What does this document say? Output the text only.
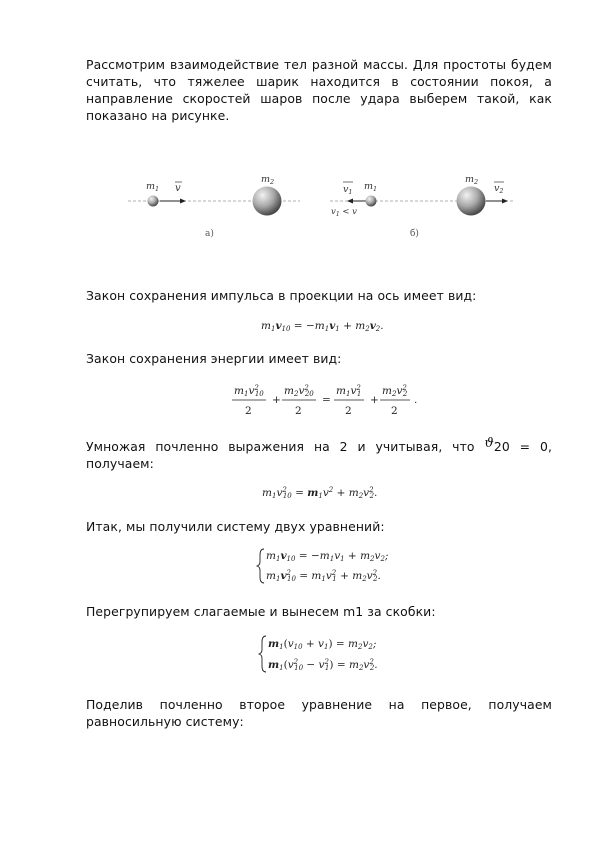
Рассмотрим взаимодействие тел разной массы. Для простоты будем считать, что тяжелее шарик находится в состоянии покоя, а направление скоростей шаров после удара выберем такой, как показано на рисунке.
$m_1$ v
$m_2$
а)
$v_1$ $m_1$
$v_1 < v$
$m_2$
$v_2$
б)
Закон сохранения импульса в проекции на ось имеет вид:
m1v10 = −m1v1 + m2v2.
Закон сохранения энергии имеет вид:
$m1v^2$ 10
2
+
$m2v^2$ 20
2
=
$m1v^2$ 1
2
+
$m2v^2$ 2
2
.
Умножая почленно выражения на 2 и учитывая, что ϑ20 = 0,
получаем:
$m1v^2$ $10 = m1v^2 + m2v^2$ 2.
Итак, мы получили систему двух уравнений:
m1v10 = −m1v1 + m2v2;
$m1v^2$ $10 = m1v^2$ $1 + m2v^2$ 2.
Перегрупируем слагаемые и вынесем m1 за скобки:
m1(v10 + v1) = m2v2;
$m1(v^2$ $10 - v^2$ $1) = m2v^2$ 2.
Поделив почленно второе уравнение на первое, получаем равносильную систему:
